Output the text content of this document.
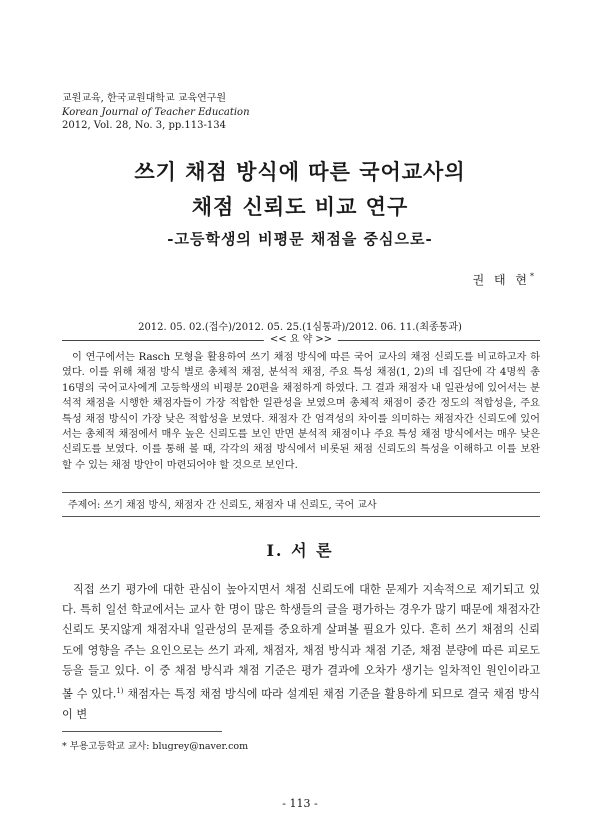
교원교육, 한국교원대학교 교육연구원
Korean Journal of Teacher Education
2012, Vol. 28, No. 3, pp.113-134
쓰기 채점 방식에 따른 국어교사의
채점 신뢰도 비교 연구
-고등학생의 비평문 채점을 중심으로-
권 태 현*
2012. 05. 02.(접수)/2012. 05. 25.(1심통과)/2012. 06. 11.(최종통과)
<< 요 약 >>

이 연구에서는 Rasch 모형을 활용하여 쓰기 채점 방식에 따른 국어 교사의 채점 신뢰도를 비교하고자 하였다. 이를 위해 채점 방식 별로 총체적 채점, 분석적 채점, 주요 특성 채점(1, 2)의 네 집단에 각 4명씩 총 16명의 국어교사에게 고등학생의 비평문 20편을 채점하게 하였다. 그 결과 채점자 내 일관성에 있어서는 분석적 채점을 시행한 채점자들이 가장 적합한 일관성을 보였으며 총체적 채점이 중간 정도의 적합성을, 주요 특성 채점 방식이 가장 낮은 적합성을 보였다. 채점자 간 엄격성의 차이를 의미하는 채점자간 신뢰도에 있어서는 총체적 채점에서 매우 높은 신뢰도를 보인 반면 분석적 채점이나 주요 특성 채점 방식에서는 매우 낮은 신뢰도를 보였다. 이를 통해 볼 때, 각각의 채점 방식에서 비롯된 채점 신뢰도의 특성을 이해하고 이를 보완할 수 있는 채점 방안이 마련되어야 할 것으로 보인다.

주제어: 쓰기 채점 방식, 채점자 간 신뢰도, 채점자 내 신뢰도, 국어 교사
Ⅰ. 서 론

직접 쓰기 평가에 대한 관심이 높아지면서 채점 신뢰도에 대한 문제가 지속적으로 제기되고 있다. 특히 일선 학교에서는 교사 한 명이 많은 학생들의 글을 평가하는 경우가 많기 때문에 채점자간 신뢰도 못지않게 채점자내 일관성의 문제를 중요하게 살펴볼 필요가 있다. 흔히 쓰기 채점의 신뢰도에 영향을 주는 요인으로는 쓰기 과제, 채점자, 채점 방식과 채점 기준, 채점 분량에 따른 피로도 등을 들고 있다. 이 중 채점 방식과 채점 기준은 평가 결과에 오차가 생기는 일차적인 원인이라고 볼 수 있다.$^{1)}$ 채점자는 특정 채점 방식에 따라 설계된 채점 기준을 활용하게 되므로 결국 채점 방식이 변

* 부용고등학교 교사: blugrey@naver.com
- 113 -
